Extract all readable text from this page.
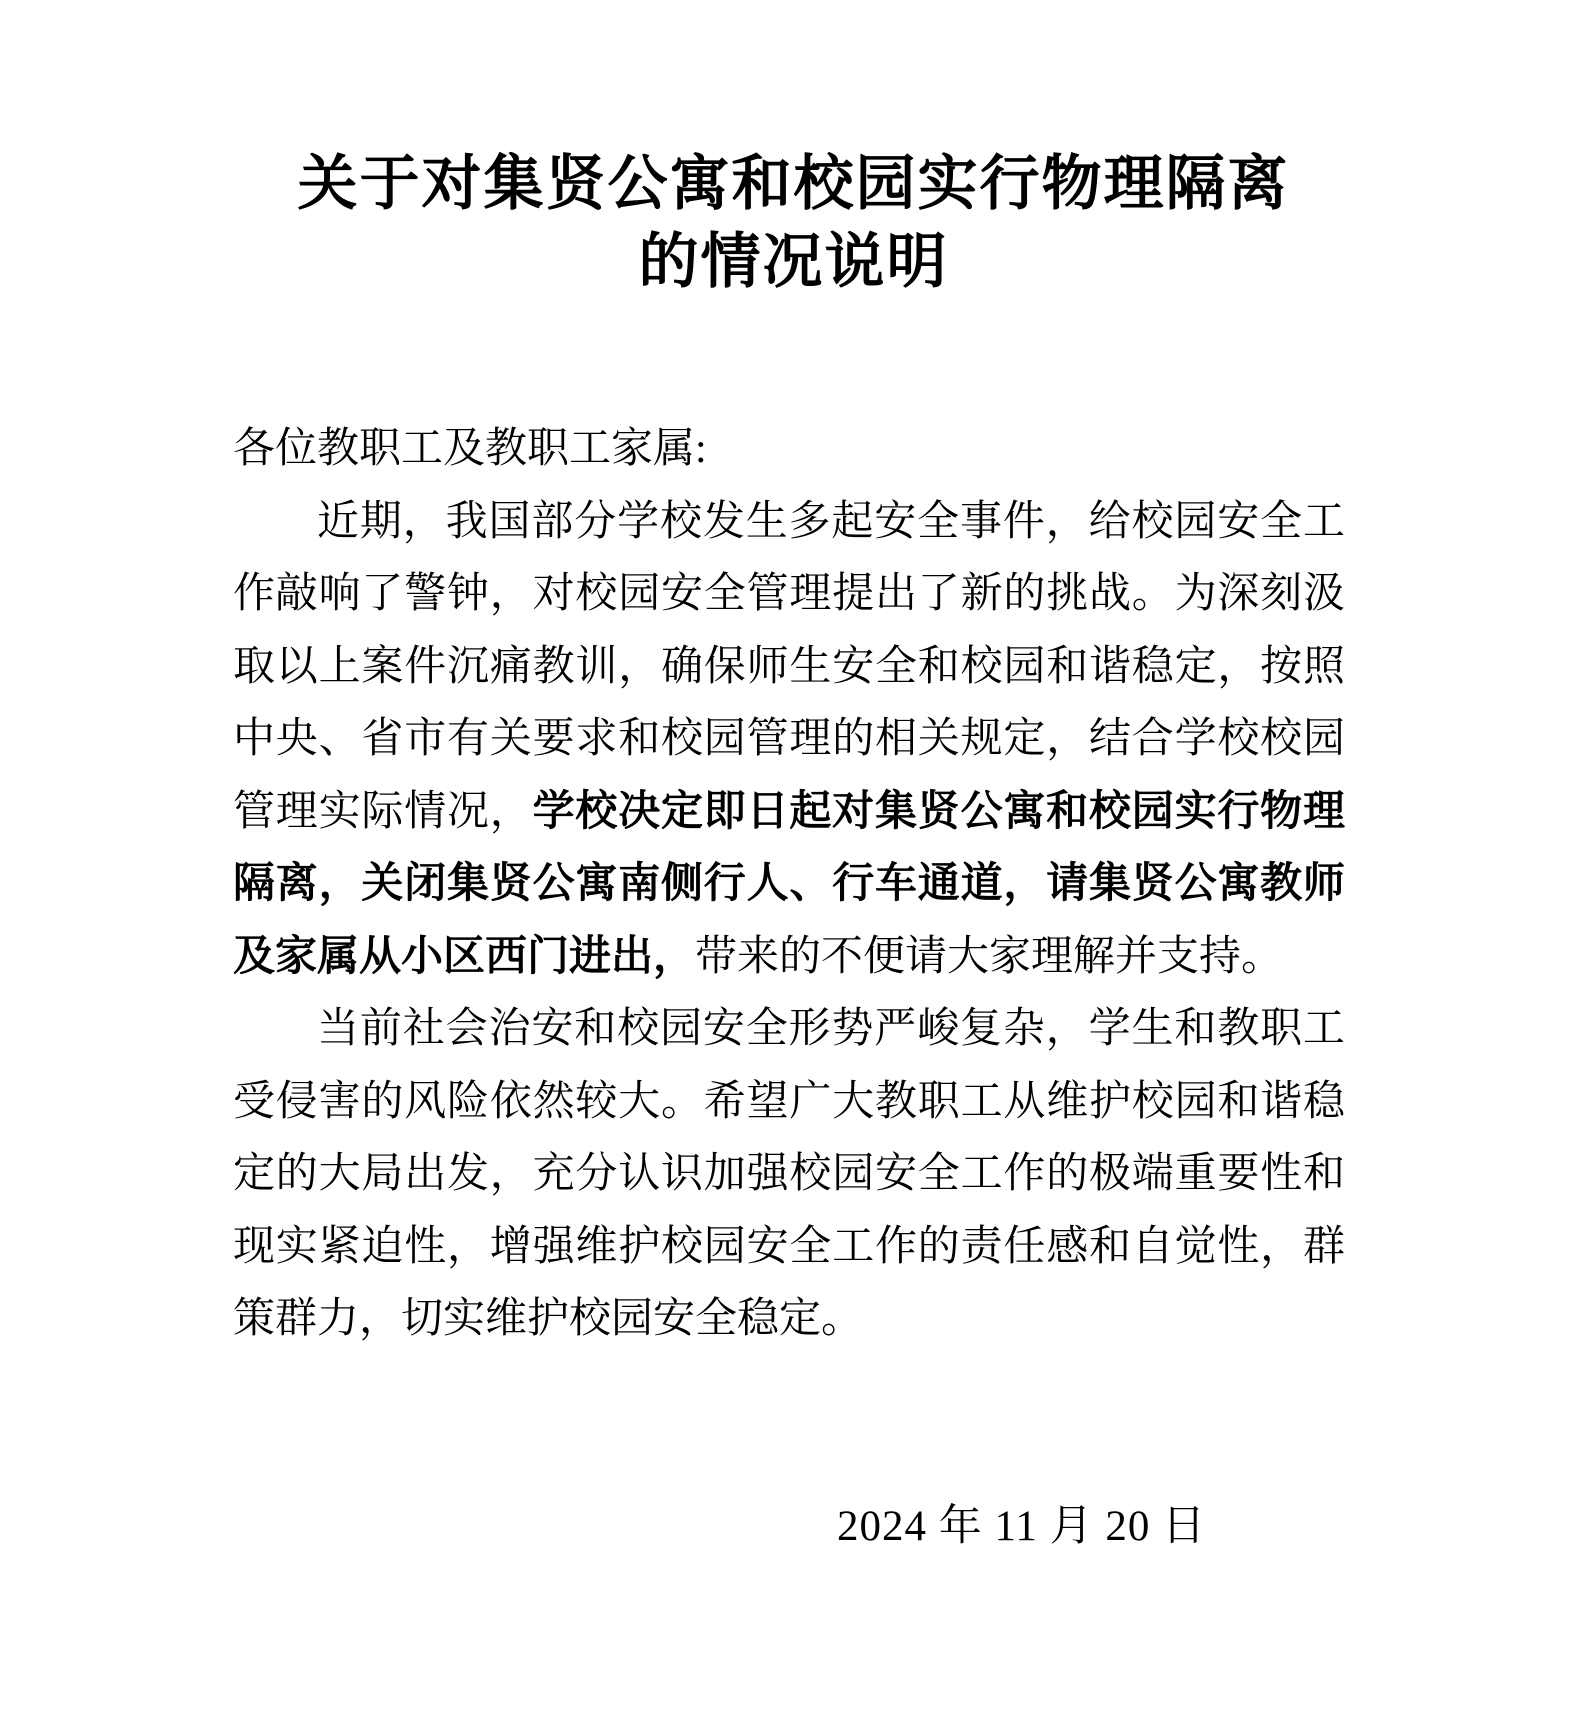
关于对集贤公寓和校园实行物理隔离
的情况说明

各位教职工及教职工家属:

近期，我国部分学校发生多起安全事件，给校园安全工作敲响了警钟，对校园安全管理提出了新的挑战。为深刻汲取以上案件沉痛教训，确保师生安全和校园和谐稳定，按照中央、省市有关要求和校园管理的相关规定，结合学校校园管理实际情况，学校决定即日起对集贤公寓和校园实行物理隔离，关闭集贤公寓南侧行人、行车通道，请集贤公寓教师及家属从小区西门进出，带来的不便请大家理解并支持。

当前社会治安和校园安全形势严峻复杂，学生和教职工受侵害的风险依然较大。希望广大教职工从维护校园和谐稳定的大局出发，充分认识加强校园安全工作的极端重要性和现实紧迫性，增强维护校园安全工作的责任感和自觉性，群策群力，切实维护校园安全稳定。

2024 年 11 月 20 日
